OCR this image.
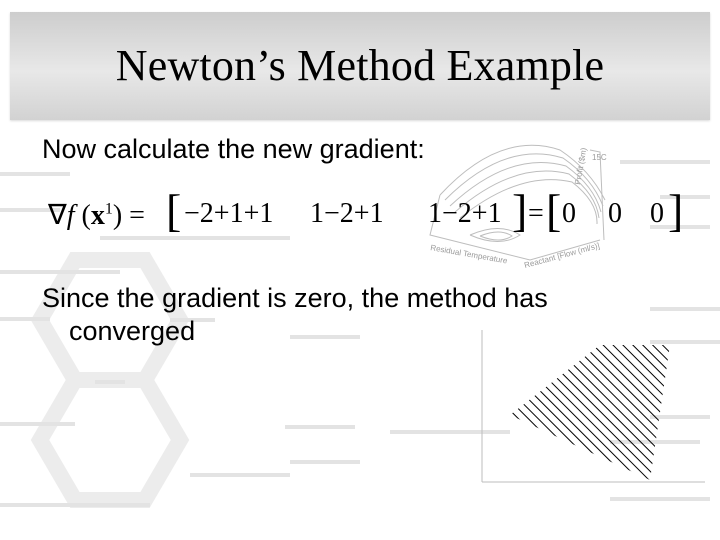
Profit ($m)
Residual Temperature Reactant [Flow (ml/s)]
15C
Newton’s Method Example
Now calculate the new gradient:
∇f $(x^1)$ = [ −2+1+1 1−2+1 1−2+1 ] = [ 0 0 0 ]
Since the gradient is zero, the method has
converged
